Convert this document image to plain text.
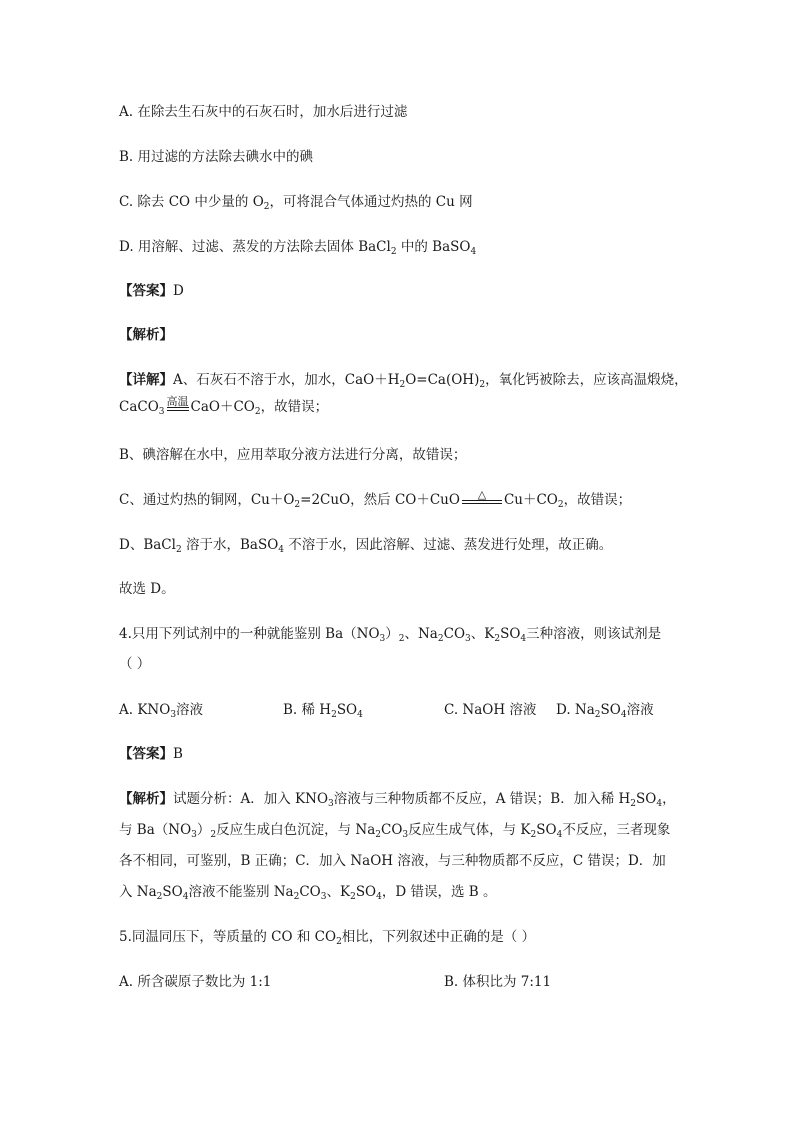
A. 在除去生石灰中的石灰石时，加水后进行过滤
B. 用过滤的方法除去碘水中的碘
C. 除去 CO 中少量的 $O_2$，可将混合气体通过灼热的 Cu 网
D. 用溶解、过滤、蒸发的方法除去固体 BaCl$_2$ 中的 BaSO$_4$
【答案】D
【解析】
【详解】A、石灰石不溶于水，加水，$CaO+H_2O=Ca(OH)_2$，氧化钙被除去，应该高温煅烧，
CaCO$_3$
高温 $CaO+CO_2$，故错误；
B、碘溶解在水中，应用萃取分液方法进行分离，故错误；
C、通过灼热的铜网，$Cu+O_2=2CuO$，然后 CO＋CuO	△	$Cu+CO_2$，故错误；
D、BaCl$_2$ 溶于水，BaSO$_4$ 不溶于水，因此溶解、过滤、蒸发进行处理，故正确。
故选 D。
4.只用下列试剂中的一种就能鉴别 $Ba(NO_3)_2$、$Na_2CO_3$、$K_2SO_4$三种溶液，则该试剂是
（ ）
A. $KNO_3$溶液	B. 稀 $H_2SO_4$	C. NaOH 溶液 D. $Na_2SO_4$溶液
【答案】B
【解析】试题分析：A．加入 $KNO_3$溶液与三种物质都不反应，A 错误；B．加入稀 $H_2SO_4$，
与 $Ba(NO_3)_2$反应生成白色沉淀，与 $Na_2CO_3$反应生成气体，与 $K_2SO_4$不反应，三者现象
各不相同，可鉴别，B 正确；C．加入 NaOH 溶液，与三种物质都不反应，C 错误；D．加
入 $Na_2SO_4$溶液不能鉴别 $Na_2CO_3$、$K_2SO_4$，D 错误，选 B 。
5.同温同压下，等质量的 CO 和 $CO_2$相比，下列叙述中正确的是（ ）
A. 所含碳原子数比为 1:1	B. 体积比为 7:11
